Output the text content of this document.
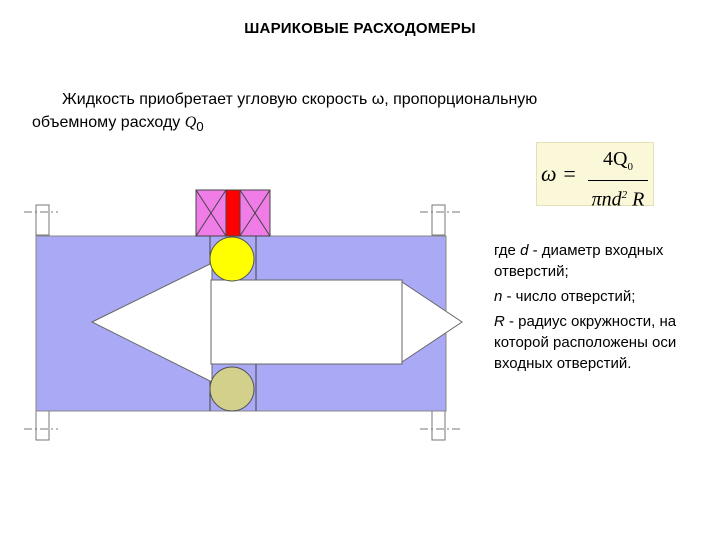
ШАРИКОВЫЕ РАСХОДОМЕРЫ
Жидкость приобретает угловую скорость ω, пропорциональную
объемному расходу $Q_0$
ω =
$4Q_0$
πnd$^2$ R

где d - диаметр входных отверстий;

n - число отверстий;

R - радиус окружности, на которой расположены оси входных отверстий.
